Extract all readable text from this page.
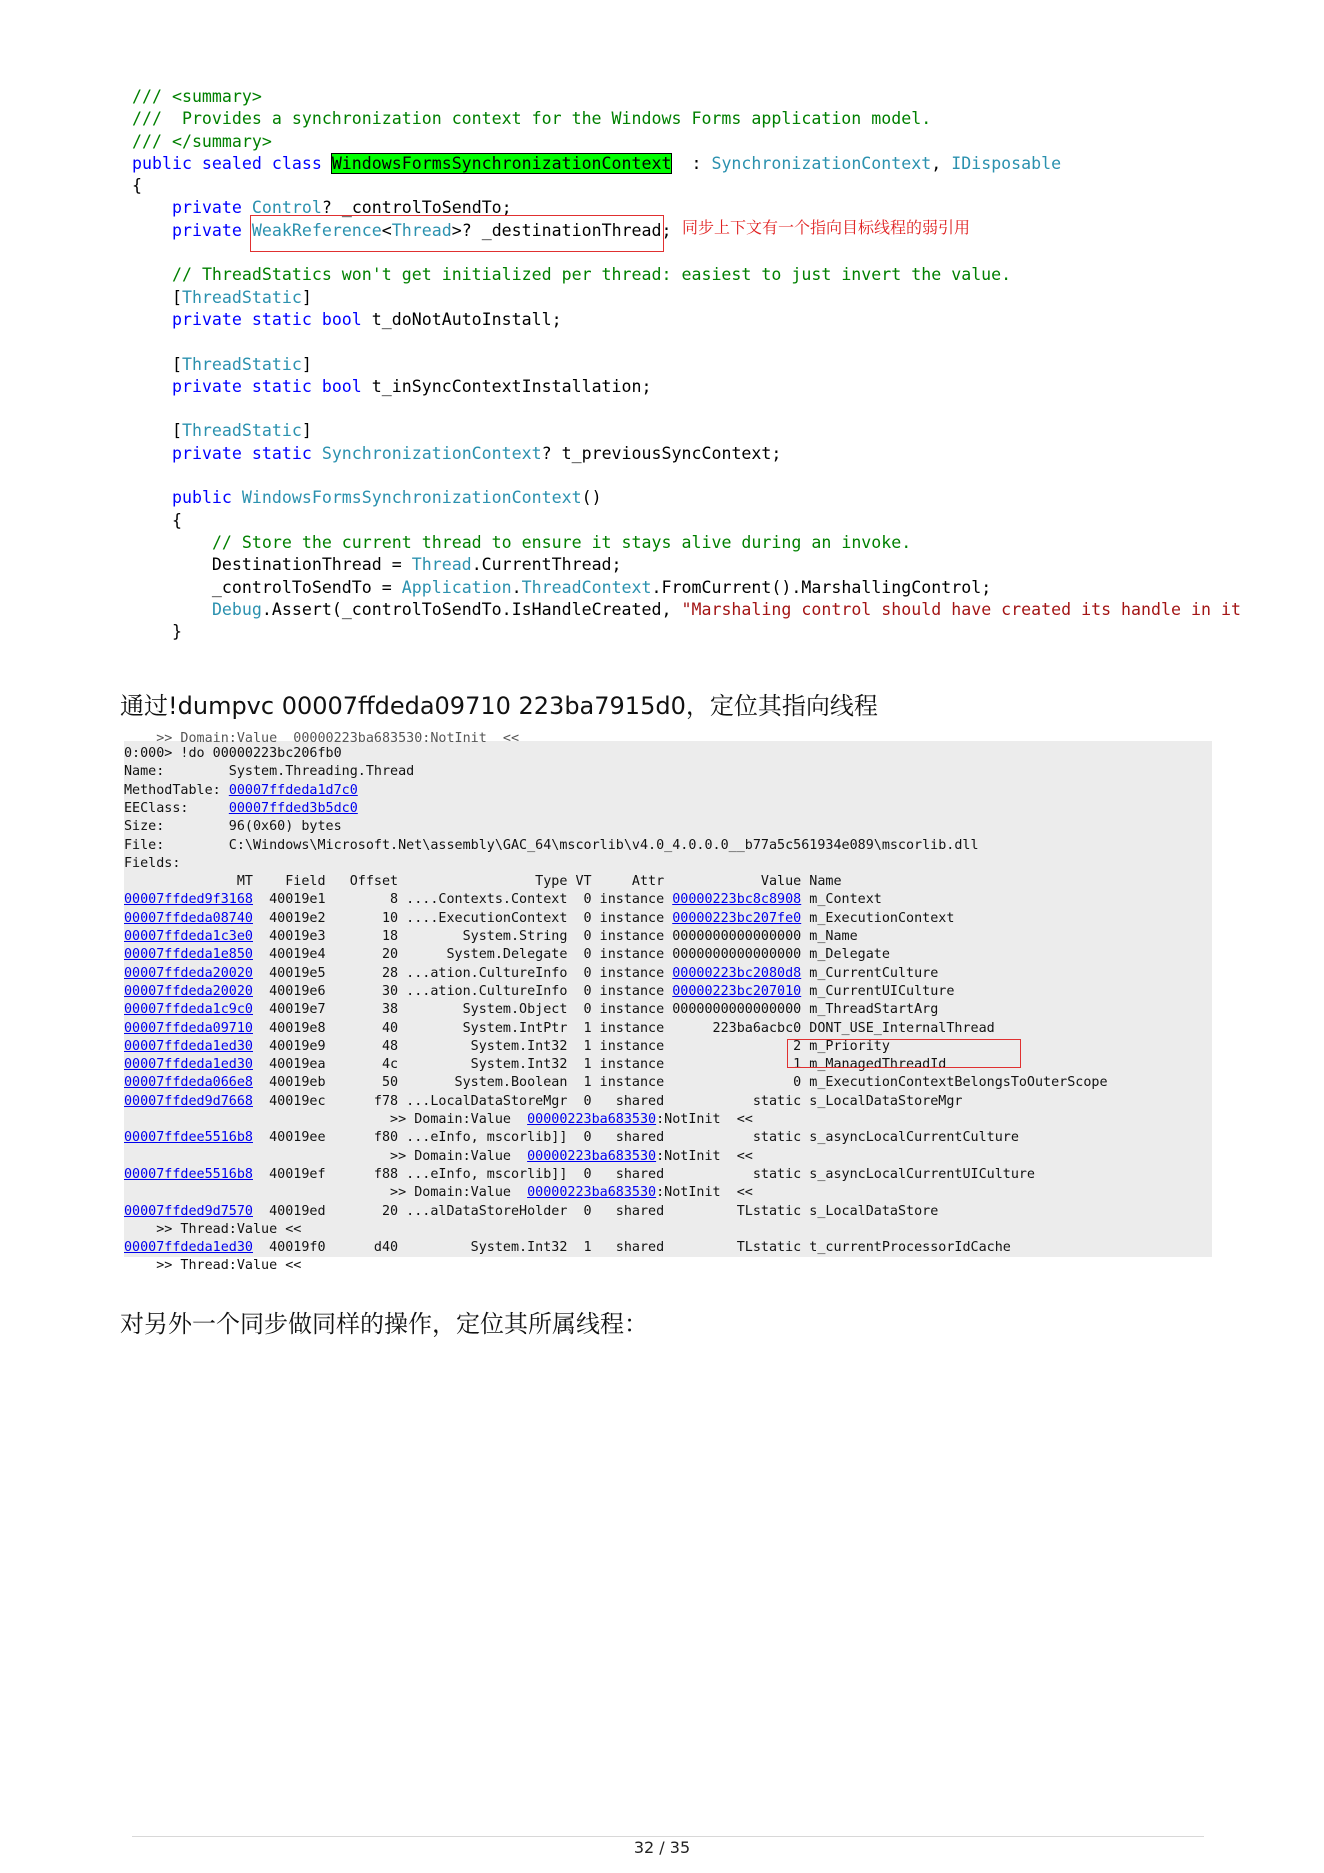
/// <summary>
///  Provides a synchronization context for the Windows Forms application model.
/// </summary>
public sealed class WindowsFormsSynchronizationContext  : SynchronizationContext, IDisposable
{
private Control? _controlToSendTo;
private WeakReference<Thread>? _destinationThread;
// ThreadStatics won't get initialized per thread: easiest to just invert the value.
[ThreadStatic]
private static bool t_doNotAutoInstall;
[ThreadStatic]
private static bool t_inSyncContextInstallation;
[ThreadStatic]
private static SynchronizationContext? t_previousSyncContext;
public WindowsFormsSynchronizationContext()
{
// Store the current thread to ensure it stays alive during an invoke.
DestinationThread = Thread.CurrentThread;
_controlToSendTo = Application.ThreadContext.FromCurrent().MarshallingControl;
Debug.Assert(_controlToSendTo.IsHandleCreated, "Marshaling control should have created its handle in it
}
同步上下文有一个指向目标线程的弱引用
通过!dumpvc 00007ffdeda09710 223ba7915d0，定位其指向线程
>> Domain:Value  00000223ba683530:NotInit  <<
0:000> !do 00000223bc206fb0
Name:        System.Threading.Thread
MethodTable: 00007ffdeda1d7c0
EEClass:     00007ffded3b5dc0
Size:        96(0x60) bytes
File:        C:\Windows\Microsoft.Net\assembly\GAC_64\mscorlib\v4.0_4.0.0.0__b77a5c561934e089\mscorlib.dll
Fields:
MT    Field   Offset                 Type VT     Attr            Value Name
00007ffded9f3168  40019e1        8 ....Contexts.Context  0 instance 00000223bc8c8908 m_Context
00007ffdeda08740  40019e2       10 ....ExecutionContext  0 instance 00000223bc207fe0 m_ExecutionContext
00007ffdeda1c3e0  40019e3       18        System.String  0 instance 0000000000000000 m_Name
00007ffdeda1e850  40019e4       20      System.Delegate  0 instance 0000000000000000 m_Delegate
00007ffdeda20020  40019e5       28 ...ation.CultureInfo  0 instance 00000223bc2080d8 m_CurrentCulture
00007ffdeda20020  40019e6       30 ...ation.CultureInfo  0 instance 00000223bc207010 m_CurrentUICulture
00007ffdeda1c9c0  40019e7       38        System.Object  0 instance 0000000000000000 m_ThreadStartArg
00007ffdeda09710  40019e8       40        System.IntPtr  1 instance      223ba6acbc0 DONT_USE_InternalThread
00007ffdeda1ed30  40019e9       48         System.Int32  1 instance                2 m_Priority
00007ffdeda1ed30  40019ea       4c         System.Int32  1 instance                1 m_ManagedThreadId
00007ffdeda066e8  40019eb       50       System.Boolean  1 instance                0 m_ExecutionContextBelongsToOuterScope
00007ffded9d7668  40019ec      f78 ...LocalDataStoreMgr  0   shared           static s_LocalDataStoreMgr
>> Domain:Value  00000223ba683530:NotInit  <<
00007ffdee5516b8  40019ee      f80 ...eInfo, mscorlib]]  0   shared           static s_asyncLocalCurrentCulture
>> Domain:Value  00000223ba683530:NotInit  <<
00007ffdee5516b8  40019ef      f88 ...eInfo, mscorlib]]  0   shared           static s_asyncLocalCurrentUICulture
>> Domain:Value  00000223ba683530:NotInit  <<
00007ffded9d7570  40019ed       20 ...alDataStoreHolder  0   shared         TLstatic s_LocalDataStore
>> Thread:Value <<
00007ffdeda1ed30  40019f0      d40         System.Int32  1   shared         TLstatic t_currentProcessorIdCache
>> Thread:Value <<
对另外一个同步做同样的操作，定位其所属线程：
32 / 35
